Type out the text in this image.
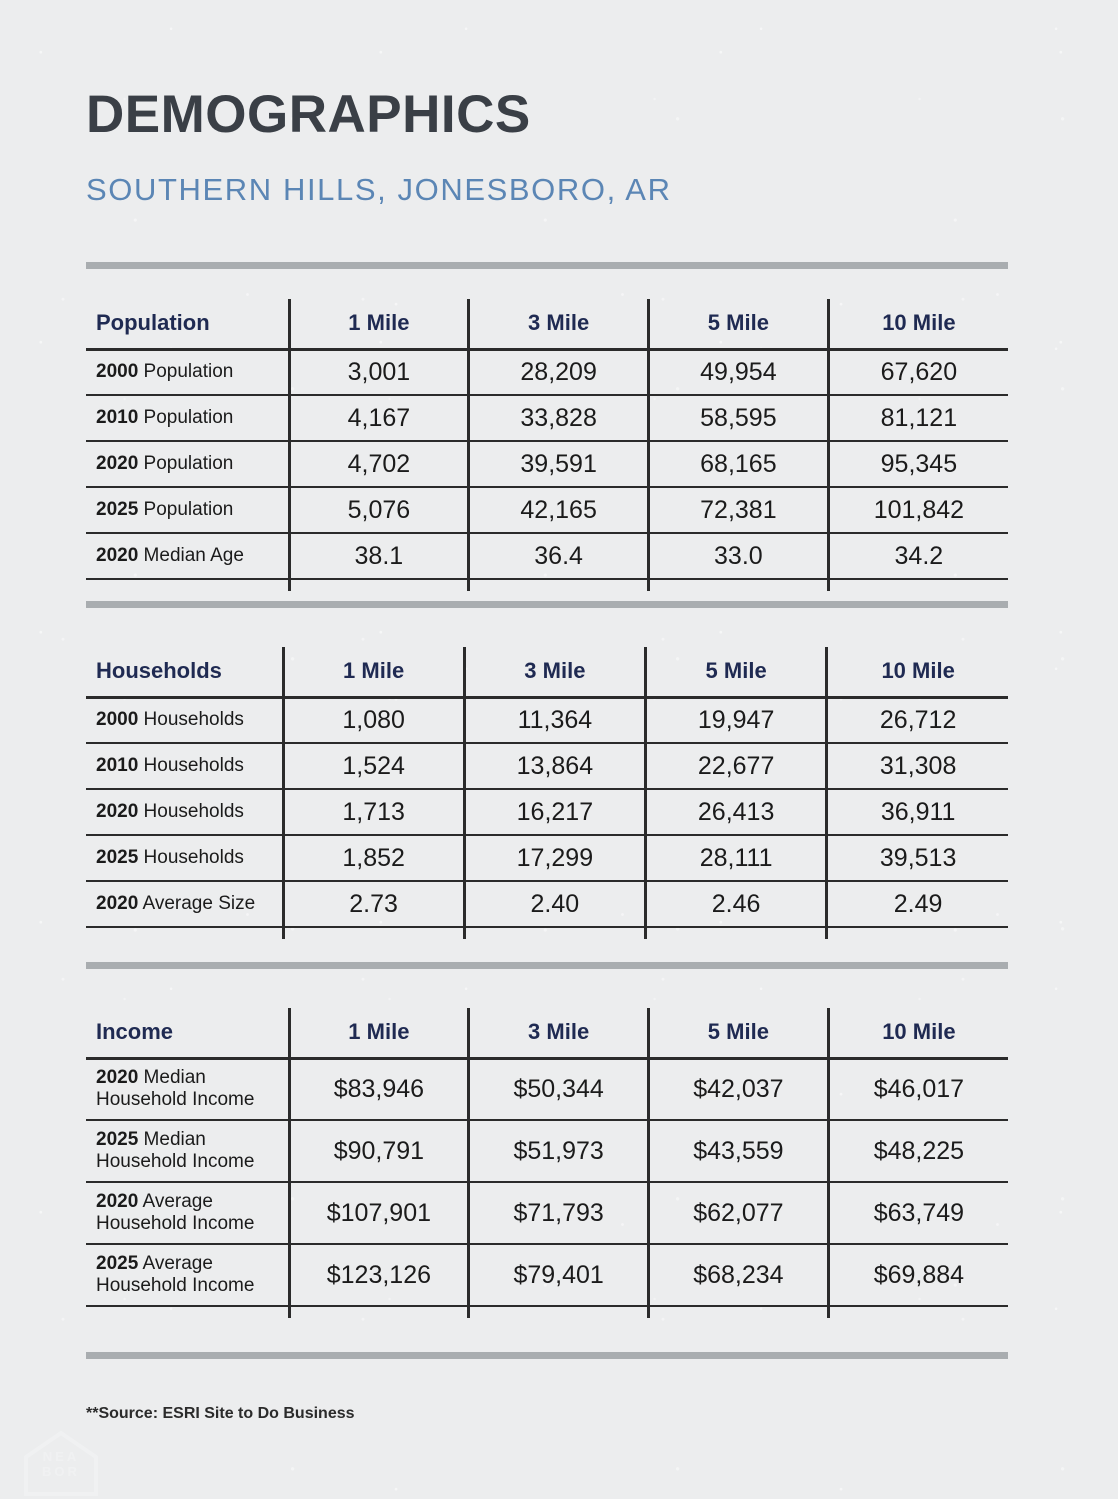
DEMOGRAPHICS
SOUTHERN HILLS, JONESBORO, AR
Population	1 Mile	3 Mile	5 Mile	10 Mile
2000 Population	3,001	28,209	49,954	67,620
2010 Population	4,167	33,828	58,595	81,121
2020 Population	4,702	39,591	68,165	95,345
2025 Population	5,076	42,165	72,381	101,842
2020 Median Age	38.1	36.4	33.0	34.2

Households	1 Mile	3 Mile	5 Mile	10 Mile
2000 Households	1,080	11,364	19,947	26,712
2010 Households	1,524	13,864	22,677	31,308
2020 Households	1,713	16,217	26,413	36,911
2025 Households	1,852	17,299	28,111	39,513
2020 Average Size	2.73	2.40	2.46	2.49

Income	1 Mile	3 Mile	5 Mile	10 Mile
2020 Median
Household Income	$83,946	$50,344	$42,037	$46,017
2025 Median
Household Income	$90,791	$51,973	$43,559	$48,225
2020 Average
Household Income	$107,901	$71,793	$62,077	$63,749
2025 Average
Household Income	$123,126	$79,401	$68,234	$69,884

**Source: ESRI Site to Do Business
NEA
BOR
